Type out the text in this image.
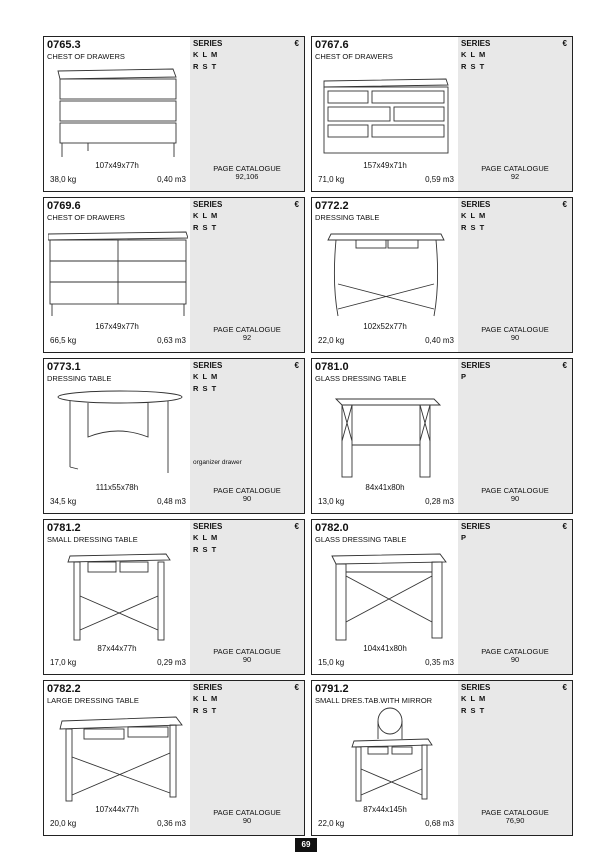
0765.3
CHEST OF DRAWERS
107x49x77h
38,0 kg	0,40 m3
SERIES	€
K L M
R S T
PAGE CATALOGUE
92,106
0767.6
CHEST OF DRAWERS
157x49x71h
71,0 kg	0,59 m3
SERIES	€
K L M
R S T
PAGE CATALOGUE
92
0769.6
CHEST OF DRAWERS
167x49x77h
66,5 kg	0,63 m3
SERIES	€
K L M
R S T
PAGE CATALOGUE
92
0772.2
DRESSING TABLE
102x52x77h
22,0 kg	0,40 m3
SERIES	€
K L M
R S T
PAGE CATALOGUE
90
0773.1
DRESSING TABLE
111x55x78h
34,5 kg	0,48 m3
SERIES	€
K L M
R S T
organizer drawer
PAGE CATALOGUE
90
0781.0
GLASS DRESSING TABLE
84x41x80h
13,0 kg	0,28 m3
SERIES	€
P
PAGE CATALOGUE
90
0781.2
SMALL DRESSING TABLE
87x44x77h
17,0 kg	0,29 m3
SERIES	€
K L M
R S T
PAGE CATALOGUE
90
0782.0
GLASS DRESSING TABLE
104x41x80h
15,0 kg	0,35 m3
SERIES	€
P
PAGE CATALOGUE
90
0782.2
LARGE DRESSING TABLE
107x44x77h
20,0 kg	0,36 m3
SERIES	€
K L M
R S T
PAGE CATALOGUE
90
0791.2
SMALL DRES.TAB.WITH MIRROR
87x44x145h
22,0 kg	0,68 m3
SERIES	€
K L M
R S T
PAGE CATALOGUE
76,90
69
